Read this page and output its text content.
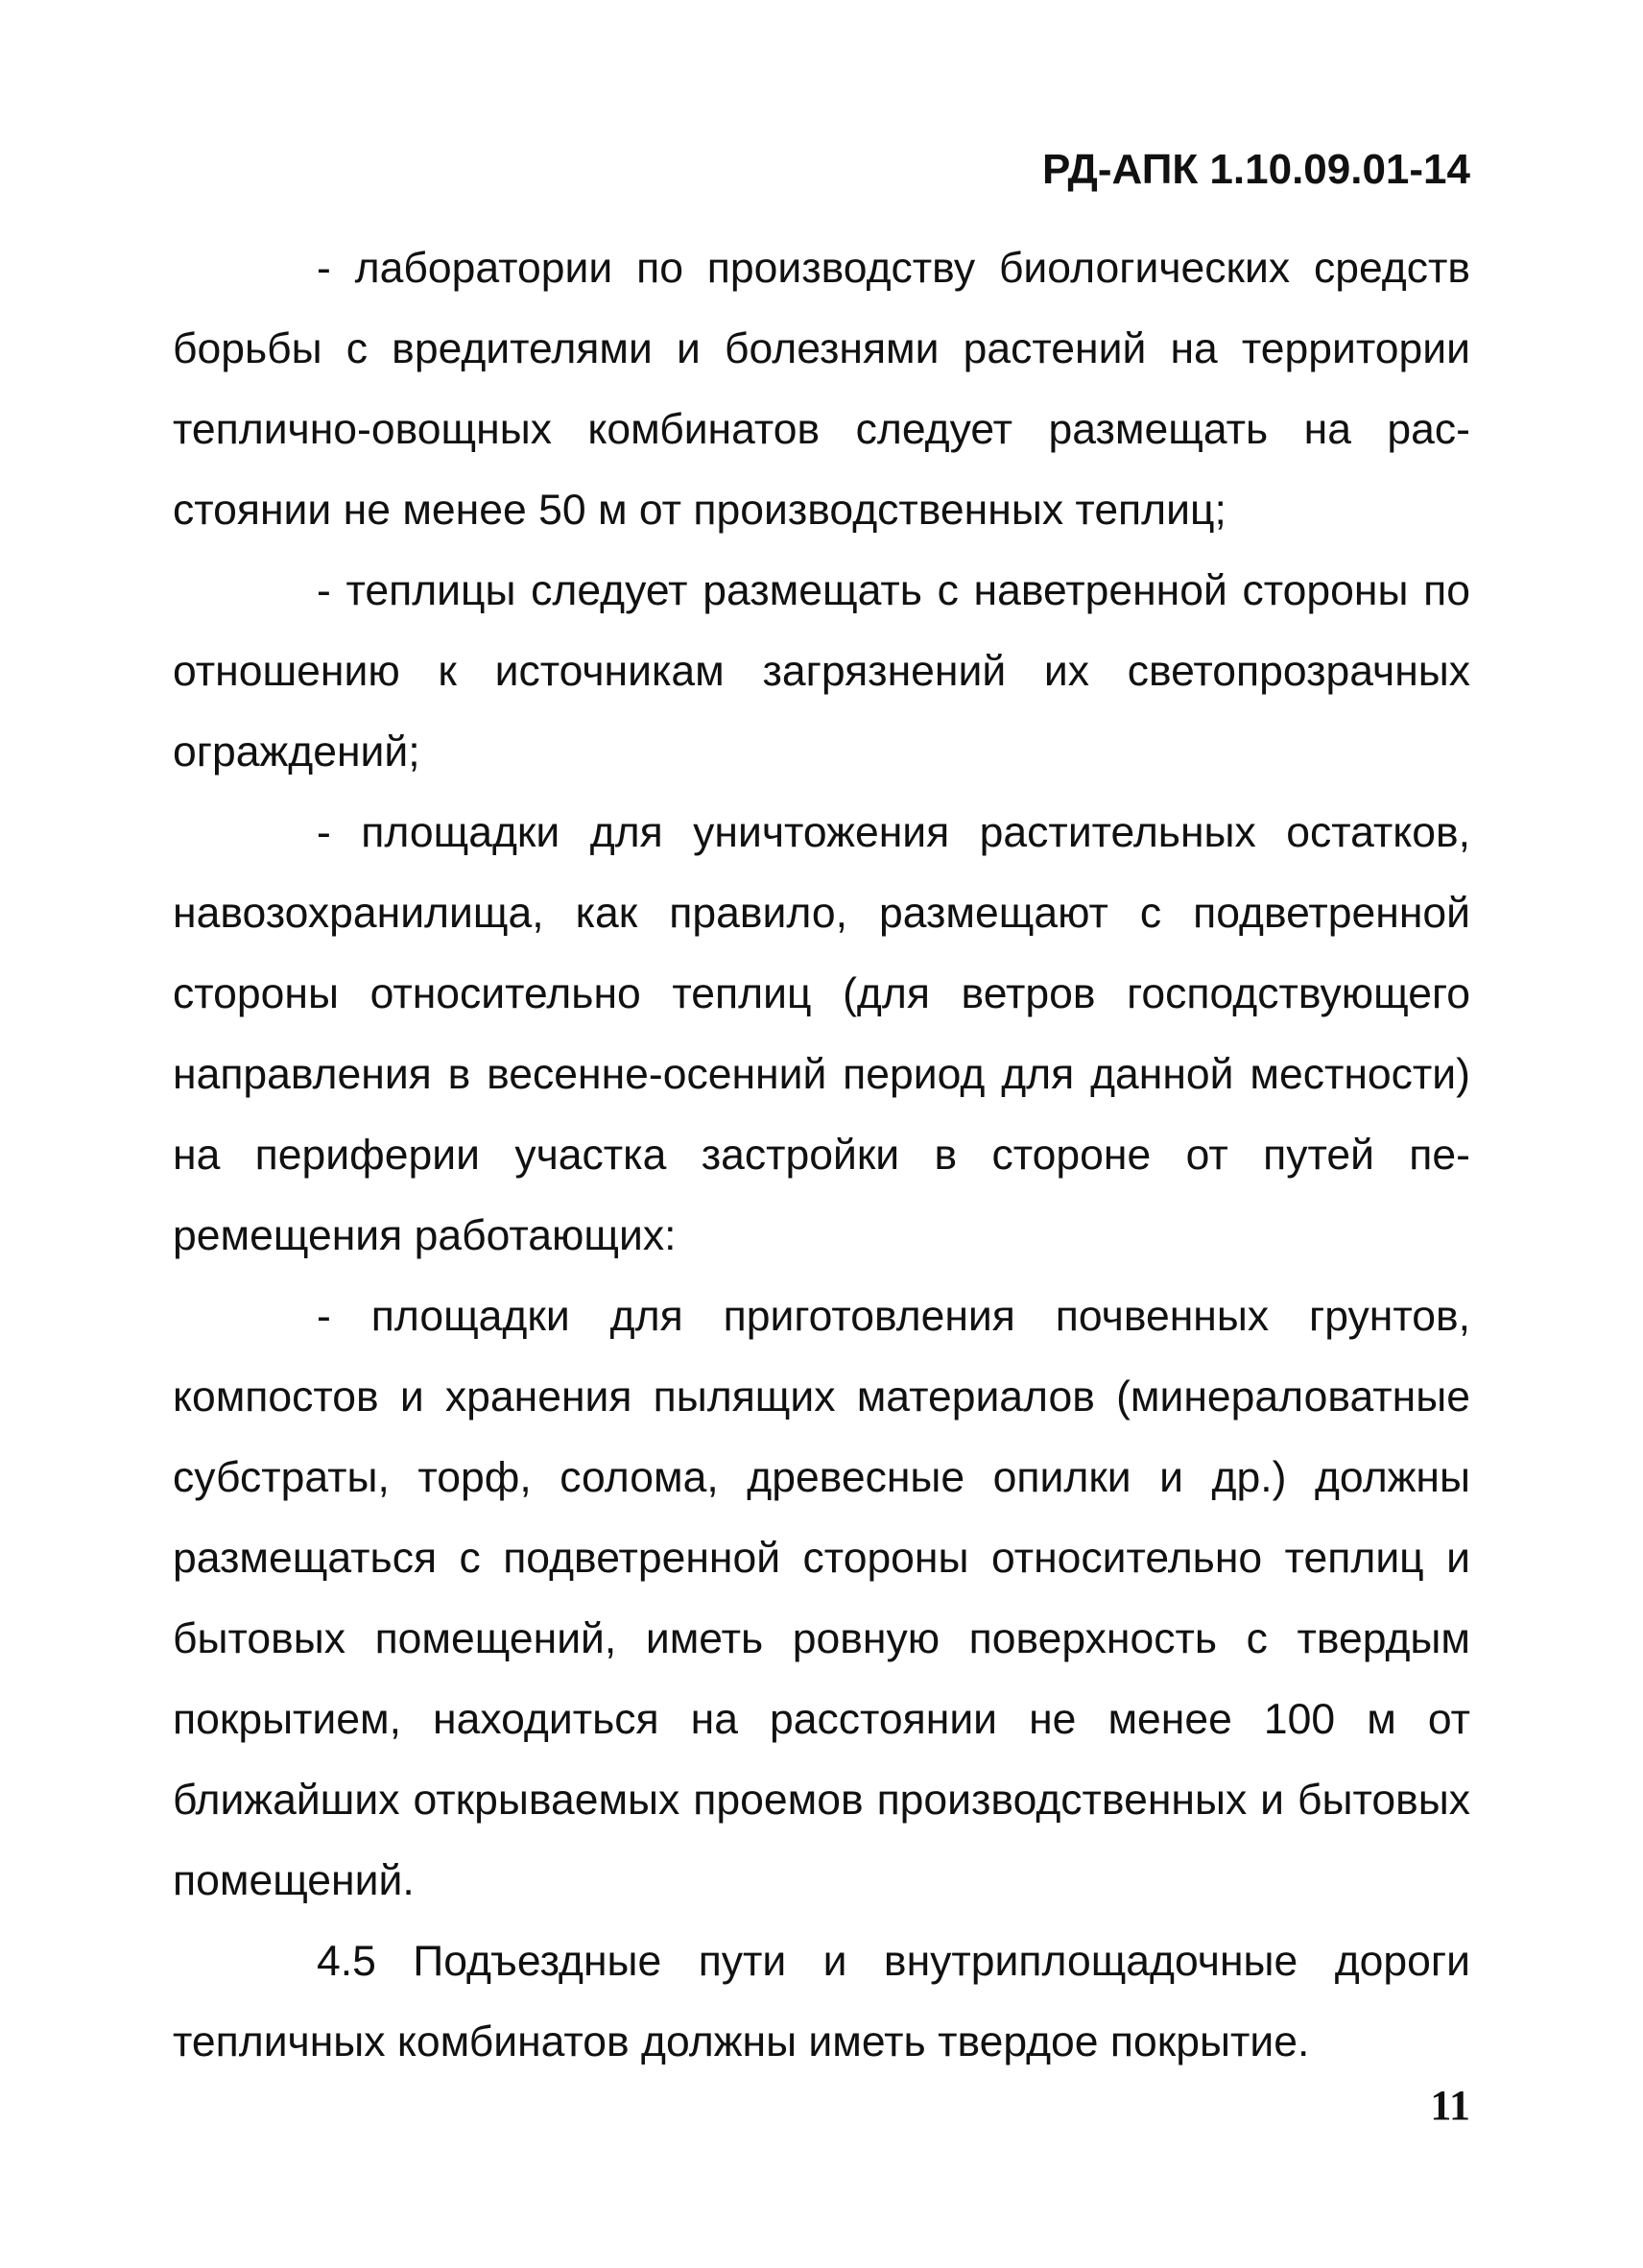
РД-АПК 1.10.09.01-14

- лаборатории по производству биологических средств борьбы с вредителями и болезнями растений на территории тепличнo-овощных комбинатов следует размещать на расстоянии не менее 50 м от производственных теплиц;

- теплицы следует размещать с наветренной стороны по отношению к источникам загрязнений их светопрозрачных ограждений;

- площадки для уничтожения растительных остатков, навозохранилища, как правило, размещают с подветренной стороны относительно теплиц (для ветров господствующего направления в весенне-осенний период для данной местности) на периферии участка застройки в стороне от путей перемещения работающих:

- площадки для приготовления почвенных грунтов, компостов и хранения пылящих материалов (минераловатные субстраты, торф, солома, древесные опилки и др.) должны размещаться с подветренной стороны относительно теплиц и бытовых помещений, иметь ровную поверхность с твердым покрытием, находиться на расстоянии не менее 100 м от ближайших открываемых проемов производственных и бытовых помещений.

4.5 Подъездные пути и внутриплощадочные дороги тепличных комбинатов должны иметь твердое покрытие.

11
